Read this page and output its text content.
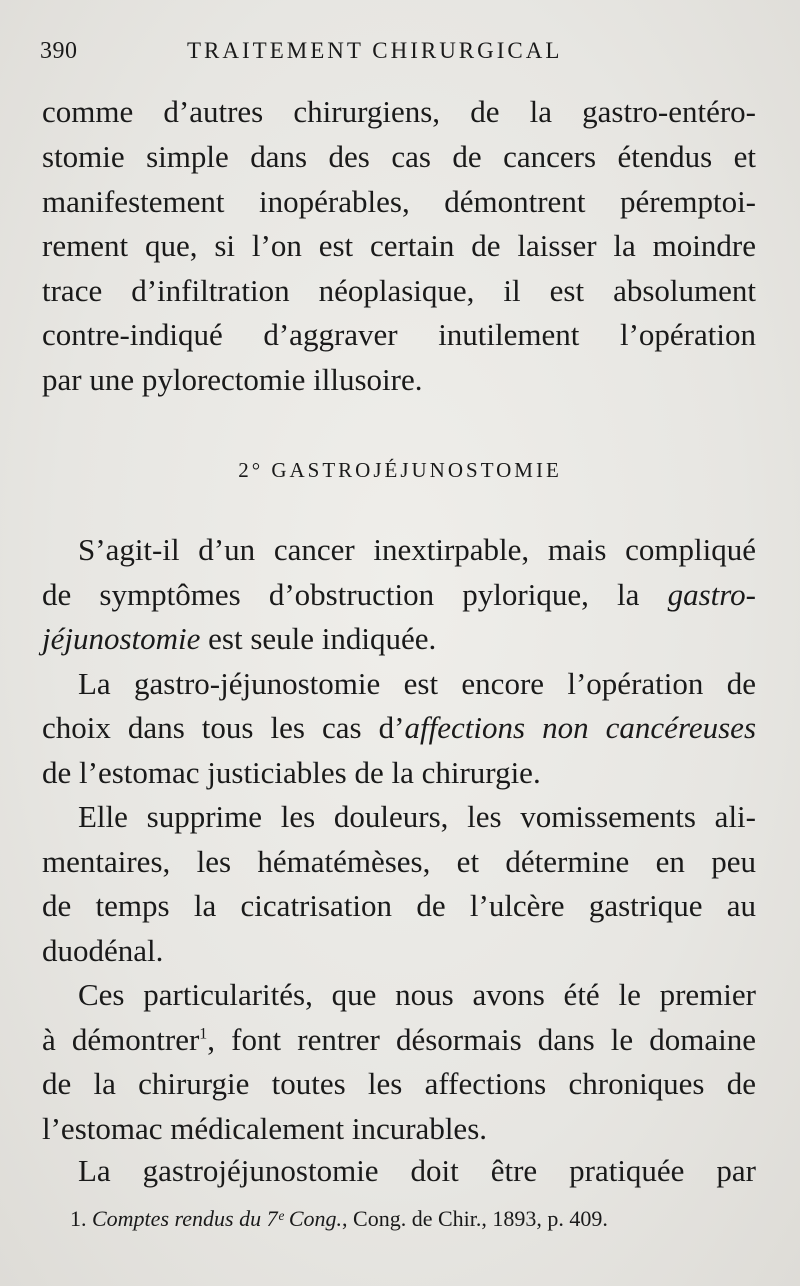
390	TRAITEMENT CHIRURGICAL
comme d’autres chirurgiens, de la gastro-entéro-
stomie simple dans des cas de cancers étendus et
manifestement inopérables, démontrent péremptoi-
rement que, si l’on est certain de laisser la moindre
trace d’infiltration néoplasique, il est absolument
contre-indiqué d’aggraver inutilement l’opération
par une pylorectomie illusoire.
2° GASTROJÉJUNOSTOMIE
S’agit-il d’un cancer inextirpable, mais compliqué
de symptômes d’obstruction pylorique, la gastro-
jéjunostomie est seule indiquée.
La gastro-jéjunostomie est encore l’opération de
choix dans tous les cas d’affections non cancéreuses
de l’estomac justiciables de la chirurgie.
Elle supprime les douleurs, les vomissements ali-
mentaires, les hématémèses, et détermine en peu
de temps la cicatrisation de l’ulcère gastrique au
duodénal.
Ces particularités, que nous avons été le premier
à démontrer$^1$, font rentrer désormais dans le domaine
de la chirurgie toutes les affections chroniques de
l’estomac médicalement incurables.
La gastrojéjunostomie doit être pratiquée par
1. Comptes rendus du 7ᵉ Cong., Cong. de Chir., 1893, p. 409.
